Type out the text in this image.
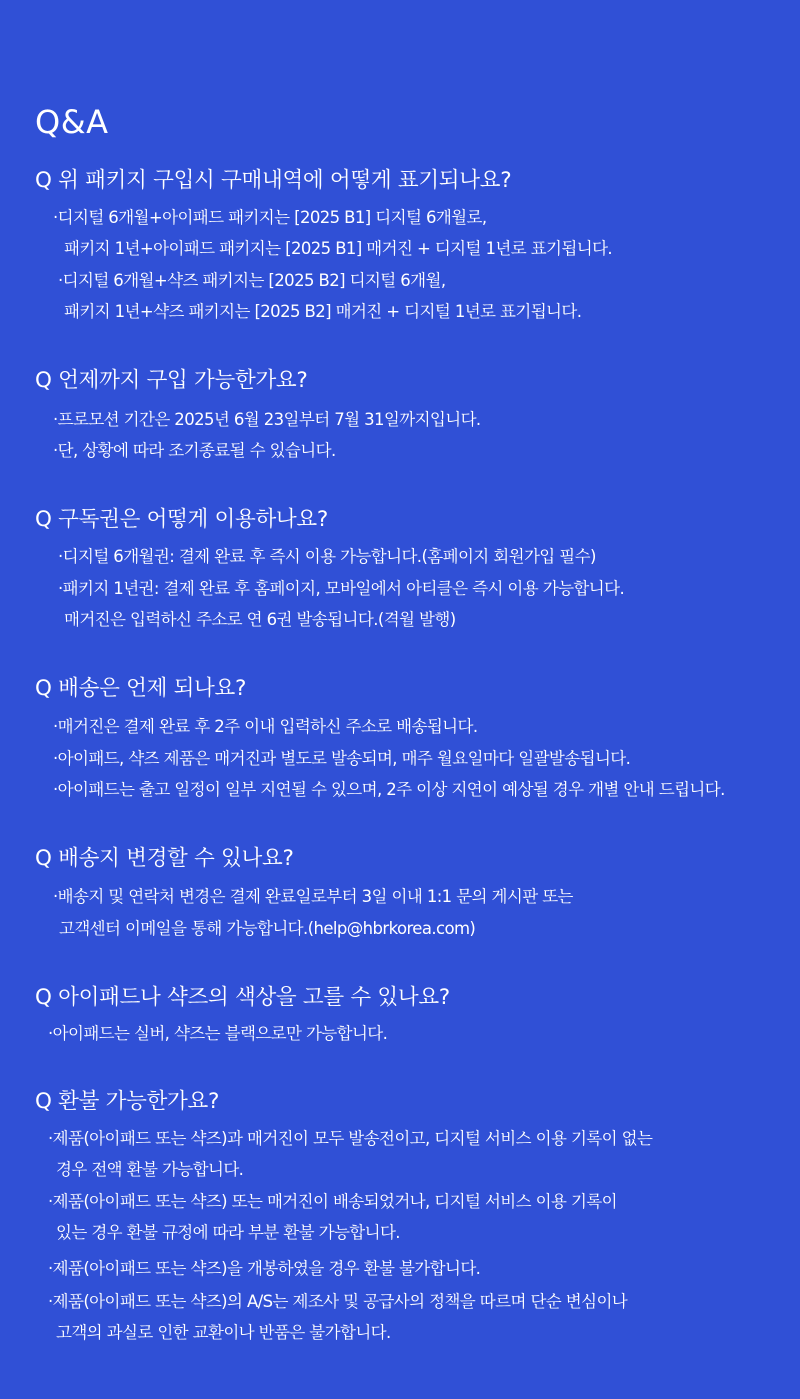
Q&A
Q 위 패키지 구입시 구매내역에 어떻게 표기되나요?
·디지털 6개월+아이패드 패키지는 [2025 B1] 디지털 6개월로,
패키지 1년+아이패드 패키지는 [2025 B1] 매거진 + 디지털 1년로 표기됩니다.
·디지털 6개월+샥즈 패키지는 [2025 B2] 디지털 6개월,
패키지 1년+샥즈 패키지는 [2025 B2] 매거진 + 디지털 1년로 표기됩니다.
Q 언제까지 구입 가능한가요?
·프로모션 기간은 2025년 6월 23일부터 7월 31일까지입니다.
·단, 상황에 따라 조기종료될 수 있습니다.
Q 구독권은 어떻게 이용하나요?
·디지털 6개월권: 결제 완료 후 즉시 이용 가능합니다.(홈페이지 회원가입 필수)
·패키지 1년권: 결제 완료 후 홈페이지, 모바일에서 아티클은 즉시 이용 가능합니다.
매거진은 입력하신 주소로 연 6권 발송됩니다.(격월 발행)
Q 배송은 언제 되나요?
·매거진은 결제 완료 후 2주 이내 입력하신 주소로 배송됩니다.
·아이패드, 샥즈 제품은 매거진과 별도로 발송되며, 매주 월요일마다 일괄발송됩니다.
·아이패드는 출고 일정이 일부 지연될 수 있으며, 2주 이상 지연이 예상될 경우 개별 안내 드립니다.
Q 배송지 변경할 수 있나요?
·배송지 및 연락처 변경은 결제 완료일로부터 3일 이내 1:1 문의 게시판 또는
고객센터 이메일을 통해 가능합니다.(help@hbrkorea.com)
Q 아이패드나 샥즈의 색상을 고를 수 있나요?
·아이패드는 실버, 샥즈는 블랙으로만 가능합니다.
Q 환불 가능한가요?
·제품(아이패드 또는 샥즈)과 매거진이 모두 발송전이고, 디지털 서비스 이용 기록이 없는
경우 전액 환불 가능합니다.
·제품(아이패드 또는 샥즈) 또는 매거진이 배송되었거나, 디지털 서비스 이용 기록이
있는 경우 환불 규정에 따라 부분 환불 가능합니다.
·제품(아이패드 또는 샥즈)을 개봉하였을 경우 환불 불가합니다.
·제품(아이패드 또는 샥즈)의 A/S는 제조사 및 공급사의 정책을 따르며 단순 변심이나
고객의 과실로 인한 교환이나 반품은 불가합니다.
